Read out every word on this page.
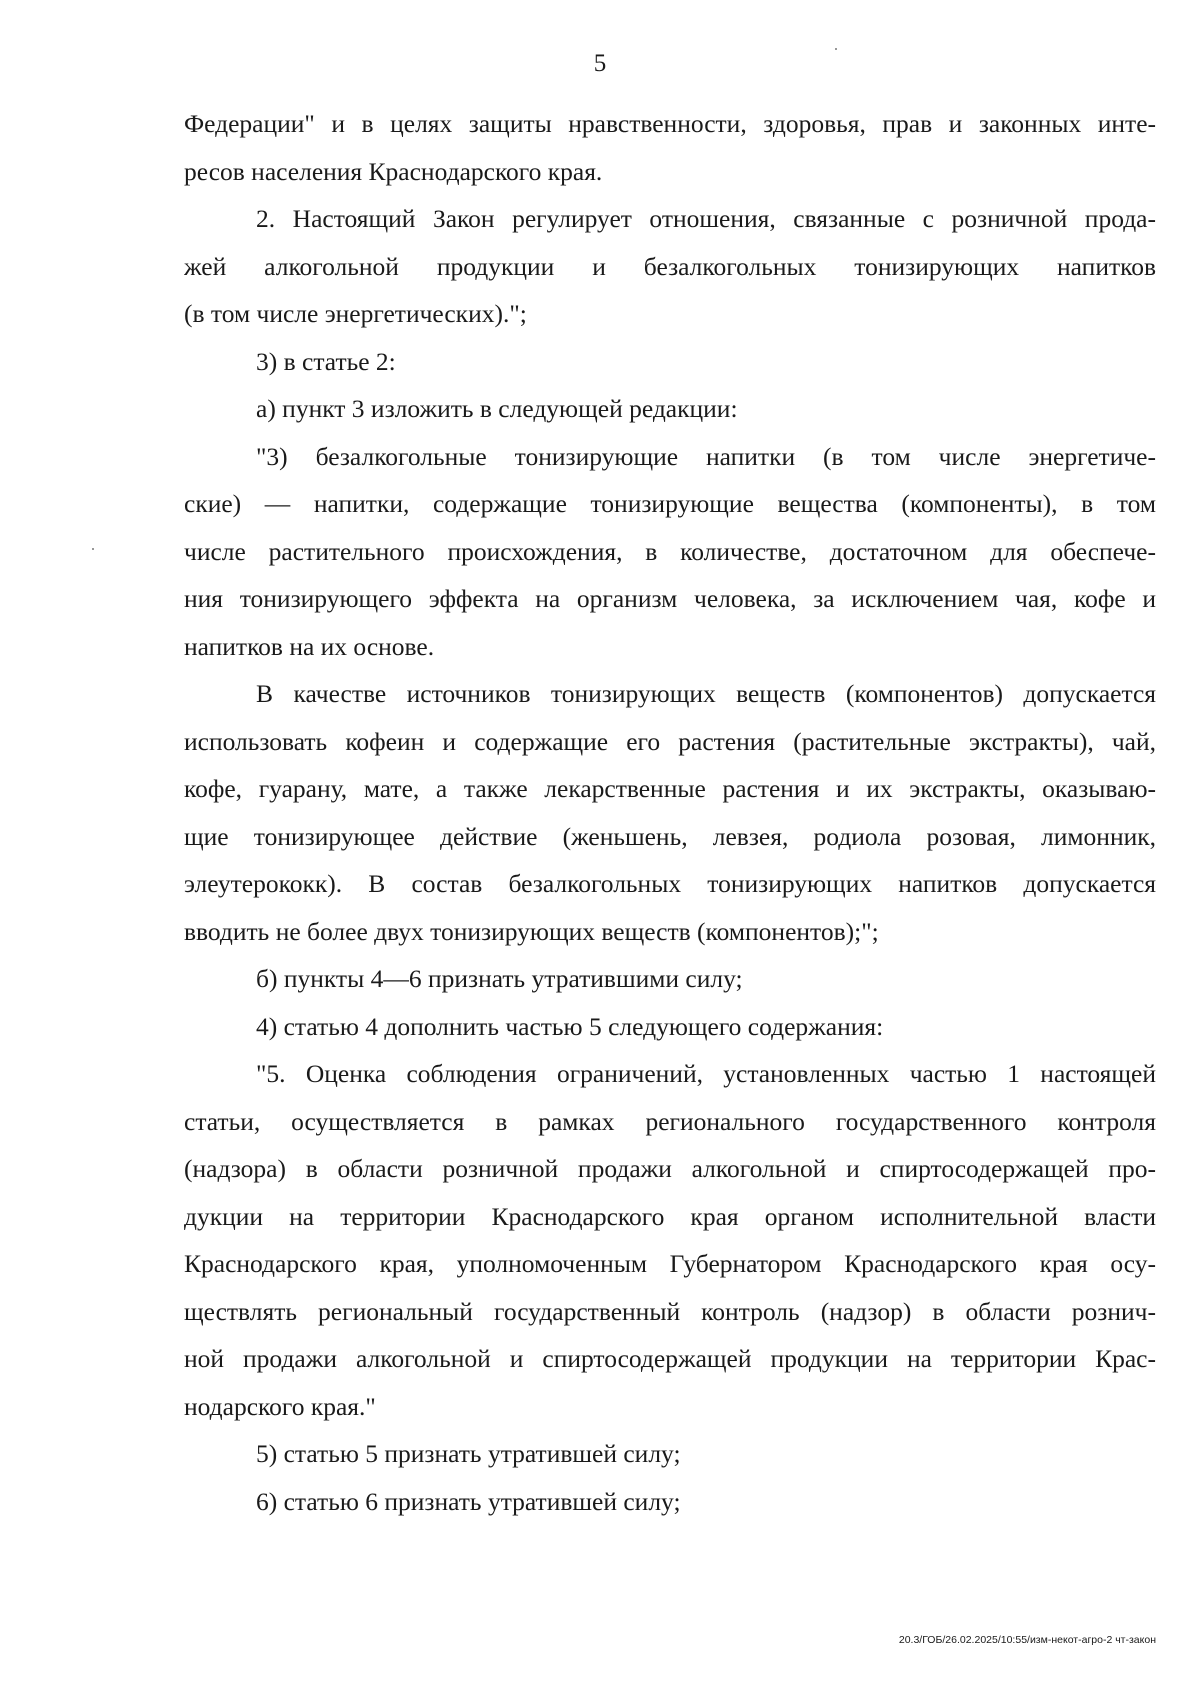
5
Федерации" и в целях защиты нравственности, здоровья, прав и законных инте-
ресов населения Краснодарского края.
2. Настоящий Закон регулирует отношения, связанные с розничной прода-
жей алкогольной продукции и безалкогольных тонизирующих напитков
(в том числе энергетических).";
3) в статье 2:
а) пункт 3 изложить в следующей редакции:
"3) безалкогольные тонизирующие напитки (в том числе энергетиче-
ские) — напитки, содержащие тонизирующие вещества (компоненты), в том
числе растительного происхождения, в количестве, достаточном для обеспече-
ния тонизирующего эффекта на организм человека, за исключением чая, кофе и
напитков на их основе.
В качестве источников тонизирующих веществ (компонентов) допускается
использовать кофеин и содержащие его растения (растительные экстракты), чай,
кофе, гуарану, мате, а также лекарственные растения и их экстракты, оказываю-
щие тонизирующее действие (женьшень, левзея, родиола розовая, лимонник,
элеутерококк). В состав безалкогольных тонизирующих напитков допускается
вводить не более двух тонизирующих веществ (компонентов);";
б) пункты 4—6 признать утратившими силу;
4) статью 4 дополнить частью 5 следующего содержания:
"5. Оценка соблюдения ограничений, установленных частью 1 настоящей
статьи, осуществляется в рамках регионального государственного контроля
(надзора) в области розничной продажи алкогольной и спиртосодержащей про-
дукции на территории Краснодарского края органом исполнительной власти
Краснодарского края, уполномоченным Губернатором Краснодарского края осу-
ществлять региональный государственный контроль (надзор) в области рознич-
ной продажи алкогольной и спиртосодержащей продукции на территории Крас-
нодарского края."
5) статью 5 признать утратившей силу;
6) статью 6 признать утратившей силу;
20.3/ГОБ/26.02.2025/10:55/изм-некот-агро-2 чт-закон
